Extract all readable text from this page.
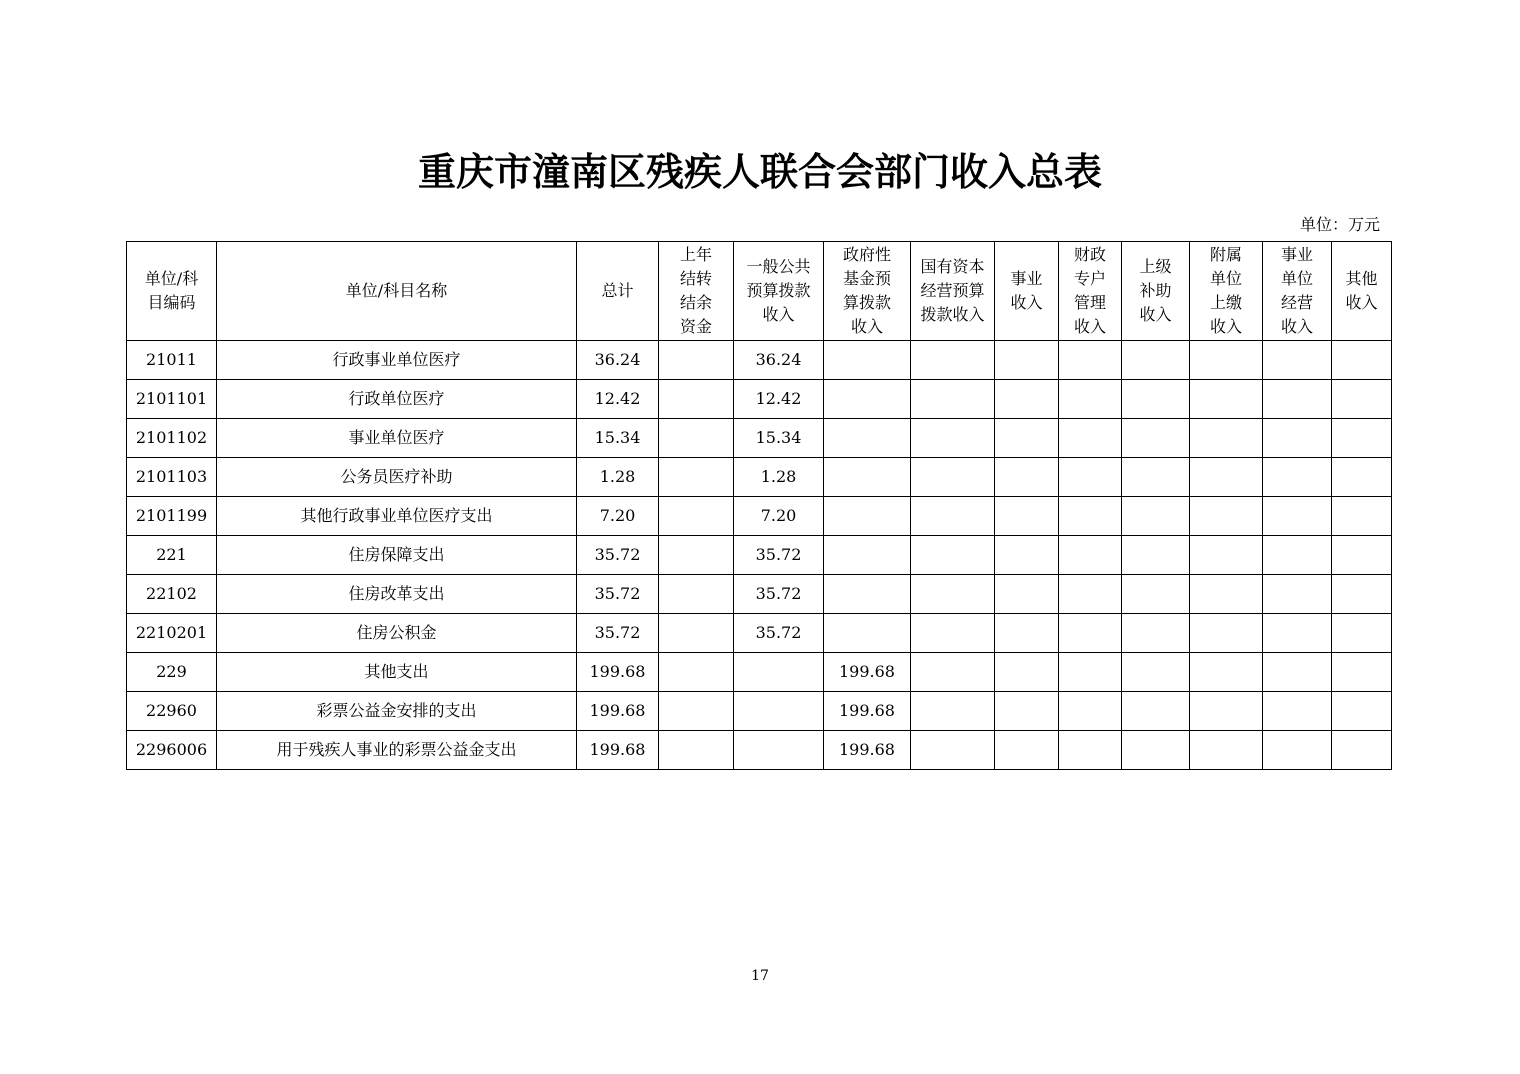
重庆市潼南区残疾人联合会部门收入总表
单位：万元
单位/科目编码	单位/科目名称	总计	上年结转结余资金	一般公共预算拨款收入	政府性基金预算拨款收入	国有资本经营预算拨款收入	事业收入	财政专户管理收入	上级补助收入	附属单位上缴收入	事业单位经营收入	其他收入

21011	行政事业单位医疗	36.24		36.24								
2101101	行政单位医疗	12.42		12.42								
2101102	事业单位医疗	15.34		15.34								
2101103	公务员医疗补助	1.28		1.28								
2101199	其他行政事业单位医疗支出	7.20		7.20								
221	住房保障支出	35.72		35.72								
22102	住房改革支出	35.72		35.72								
2210201	住房公积金	35.72		35.72								
229	其他支出	199.68			199.68							
22960	彩票公益金安排的支出	199.68			199.68							
2296006	用于残疾人事业的彩票公益金支出	199.68			199.68							
17
